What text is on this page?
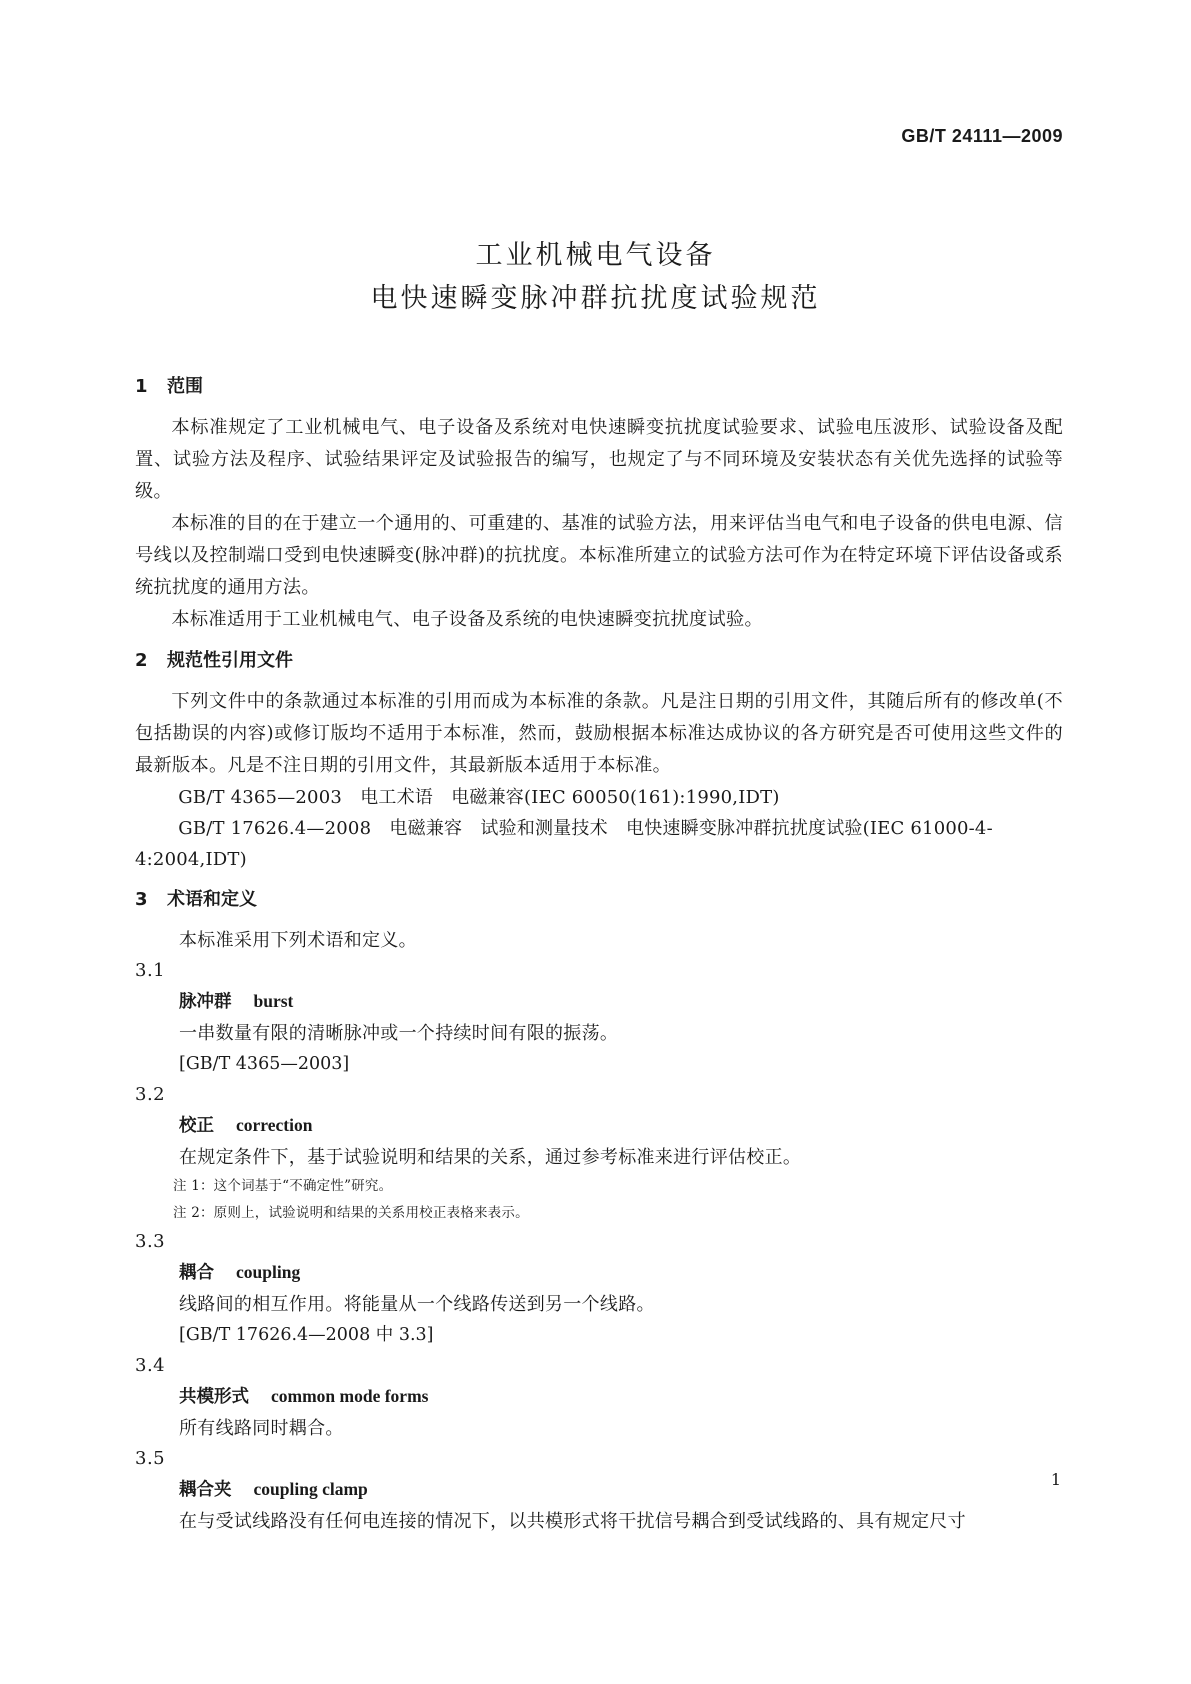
GB/T 24111—2009
工业机械电气设备
电快速瞬变脉冲群抗扰度试验规范
1 范围

本标准规定了工业机械电气、电子设备及系统对电快速瞬变抗扰度试验要求、试验电压波形、试验设备及配置、试验方法及程序、试验结果评定及试验报告的编写，也规定了与不同环境及安装状态有关优先选择的试验等级。

本标准的目的在于建立一个通用的、可重建的、基准的试验方法，用来评估当电气和电子设备的供电电源、信号线以及控制端口受到电快速瞬变(脉冲群)的抗扰度。本标准所建立的试验方法可作为在特定环境下评估设备或系统抗扰度的通用方法。

本标准适用于工业机械电气、电子设备及系统的电快速瞬变抗扰度试验。

2 规范性引用文件

下列文件中的条款通过本标准的引用而成为本标准的条款。凡是注日期的引用文件，其随后所有的修改单(不包括勘误的内容)或修订版均不适用于本标准，然而，鼓励根据本标准达成协议的各方研究是否可使用这些文件的最新版本。凡是不注日期的引用文件，其最新版本适用于本标准。

GB/T 4365—2003　电工术语　电磁兼容(IEC 60050(161):1990,IDT)

GB/T 17626.4—2008　电磁兼容　试验和测量技术　电快速瞬变脉冲群抗扰度试验(IEC 61000-4-4:2004,IDT)

3 术语和定义

本标准采用下列术语和定义。

3.1

脉冲群 burst

一串数量有限的清晰脉冲或一个持续时间有限的振荡。

[GB/T 4365—2003]

3.2

校正 correction

在规定条件下，基于试验说明和结果的关系，通过参考标准来进行评估校正。

注 1：这个词基于“不确定性”研究。

注 2：原则上，试验说明和结果的关系用校正表格来表示。

3.3

耦合 coupling

线路间的相互作用。将能量从一个线路传送到另一个线路。

[GB/T 17626.4—2008 中 3.3]

3.4

共模形式 common mode forms

所有线路同时耦合。

3.5

耦合夹 coupling clamp

在与受试线路没有任何电连接的情况下，以共模形式将干扰信号耦合到受试线路的、具有规定尺寸

1
